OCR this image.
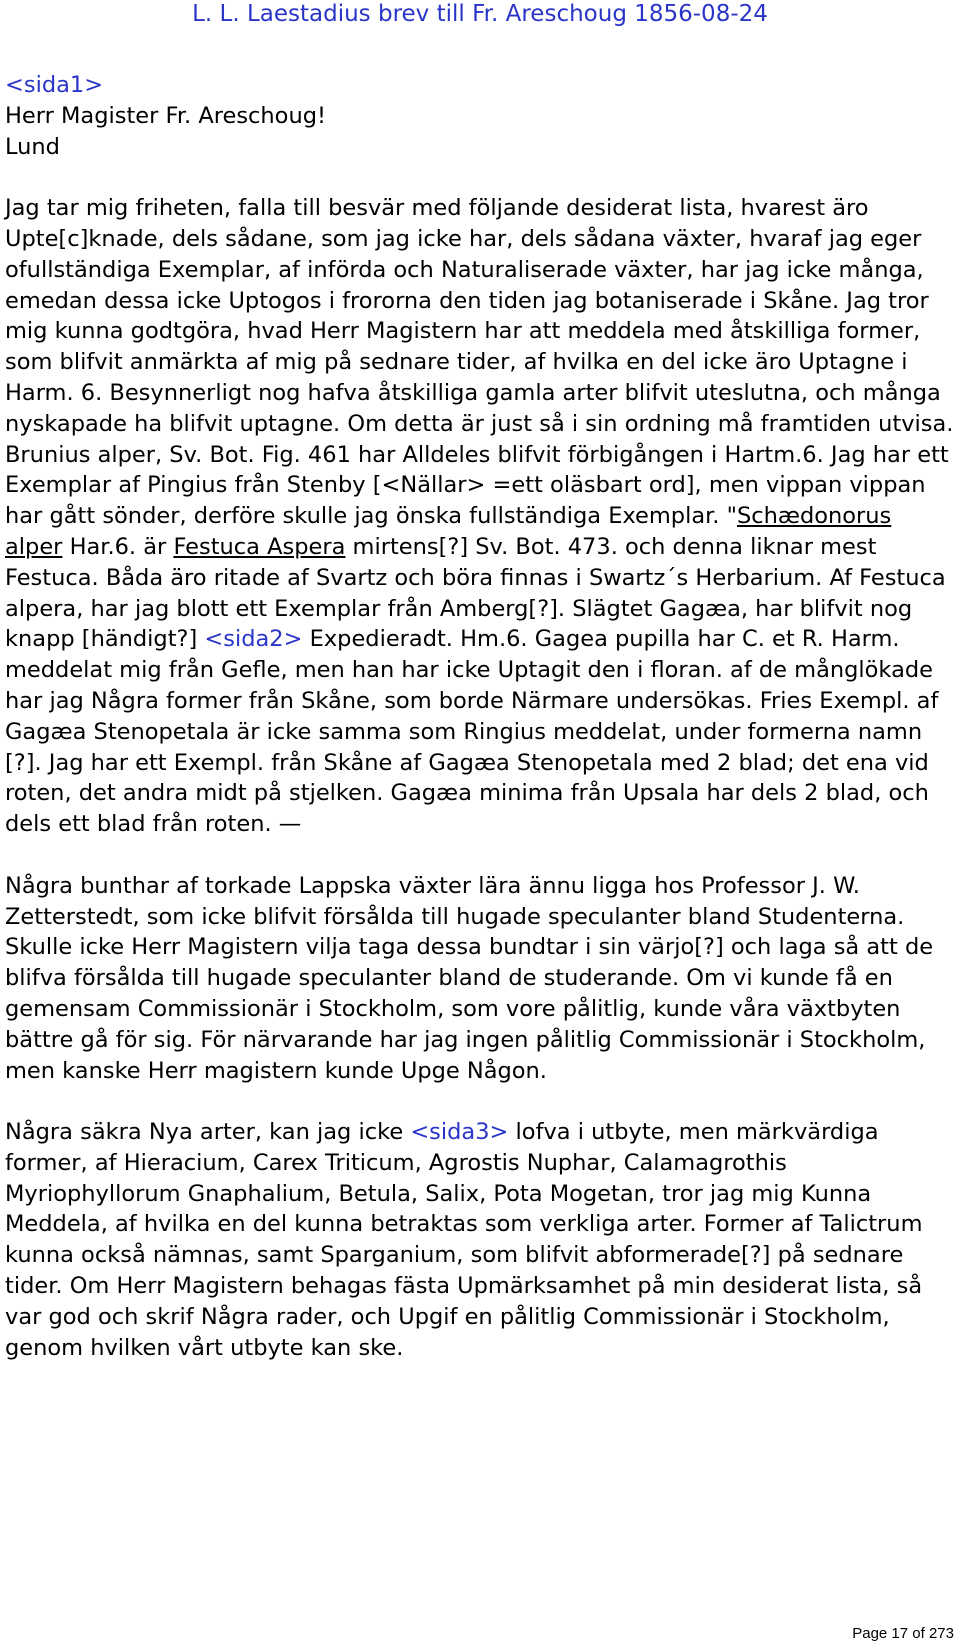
L. L. Laestadius brev till Fr. Areschoug 1856-08-24

<sida1>

Herr Magister Fr. Areschoug!

Lund

Jag tar mig friheten, falla till besvär med följande desiderat lista, hvarest äro Upte[c]knade, dels sådane, som jag icke har, dels sådana växter, hvaraf jag eger ofullständiga Exemplar, af införda och Naturaliserade växter, har jag icke många, emedan dessa icke Uptogos i frororna den tiden jag botaniserade i Skåne. Jag tror mig kunna godtgöra, hvad Herr Magistern har att meddela med åtskilliga former, som blifvit anmärkta af mig på sednare tider, af hvilka en del icke äro Uptagne i Harm. 6. Besynnerligt nog hafva åtskilliga gamla arter blifvit uteslutna, och många nyskapade ha blifvit uptagne. Om detta är just så i sin ordning må framtiden utvisa. Brunius alper, Sv. Bot. Fig. 461 har Alldeles blifvit förbigången i Hartm.6. Jag har ett Exemplar af Pingius från Stenby [<Nällar> =ett oläsbart ord], men vippan vippan har gått sönder, derföre skulle jag önska fullständiga Exemplar. "Schædonorus alper Har.6. är Festuca Aspera mirtens[?] Sv. Bot. 473. och denna liknar mest Festuca. Båda äro ritade af Svartz och böra finnas i Swartz´s Herbarium. Af Festuca alpera, har jag blott ett Exemplar från Amberg[?]. Slägtet Gagæa, har blifvit nog knapp [händigt?] <sida2> Expedieradt. Hm.6. Gagea pupilla har C. et R. Harm. meddelat mig från Gefle, men han har icke Uptagit den i floran. af de månglökade har jag Några former från Skåne, som borde Närmare undersökas. Fries Exempl. af Gagæa Stenopetala är icke samma som Ringius meddelat, under formerna namn [?]. Jag har ett Exempl. från Skåne af Gagæa Stenopetala med 2 blad; det ena vid roten, det andra midt på stjelken. Gagæa minima från Upsala har dels 2 blad, och dels ett blad från roten. —

Några bunthar af torkade Lappska växter lära ännu ligga hos Professor J. W. Zetterstedt, som icke blifvit försålda till hugade speculanter bland Studenterna. Skulle icke Herr Magistern vilja taga dessa bundtar i sin värjo[?] och laga så att de blifva försålda till hugade speculanter bland de studerande. Om vi kunde få en gemensam Commissionär i Stockholm, som vore pålitlig, kunde våra växtbyten bättre gå för sig. För närvarande har jag ingen pålitlig Commissionär i Stockholm, men kanske Herr magistern kunde Upge Någon.

Några säkra Nya arter, kan jag icke <sida3> lofva i utbyte, men märkvärdiga former, af Hieracium, Carex Triticum, Agrostis Nuphar, Calamagrothis Myriophyllorum Gnaphalium, Betula, Salix, Pota Mogetan, tror jag mig Kunna Meddela, af hvilka en del kunna betraktas som verkliga arter. Former af Talictrum kunna också nämnas, samt Sparganium, som blifvit abformerade[?] på sednare tider. Om Herr Magistern behagas fästa Upmärksamhet på min desiderat lista, så var god och skrif Några rader, och Upgif en pålitlig Commissionär i Stockholm, genom hvilken vårt utbyte kan ske.

Page 17 of 273
